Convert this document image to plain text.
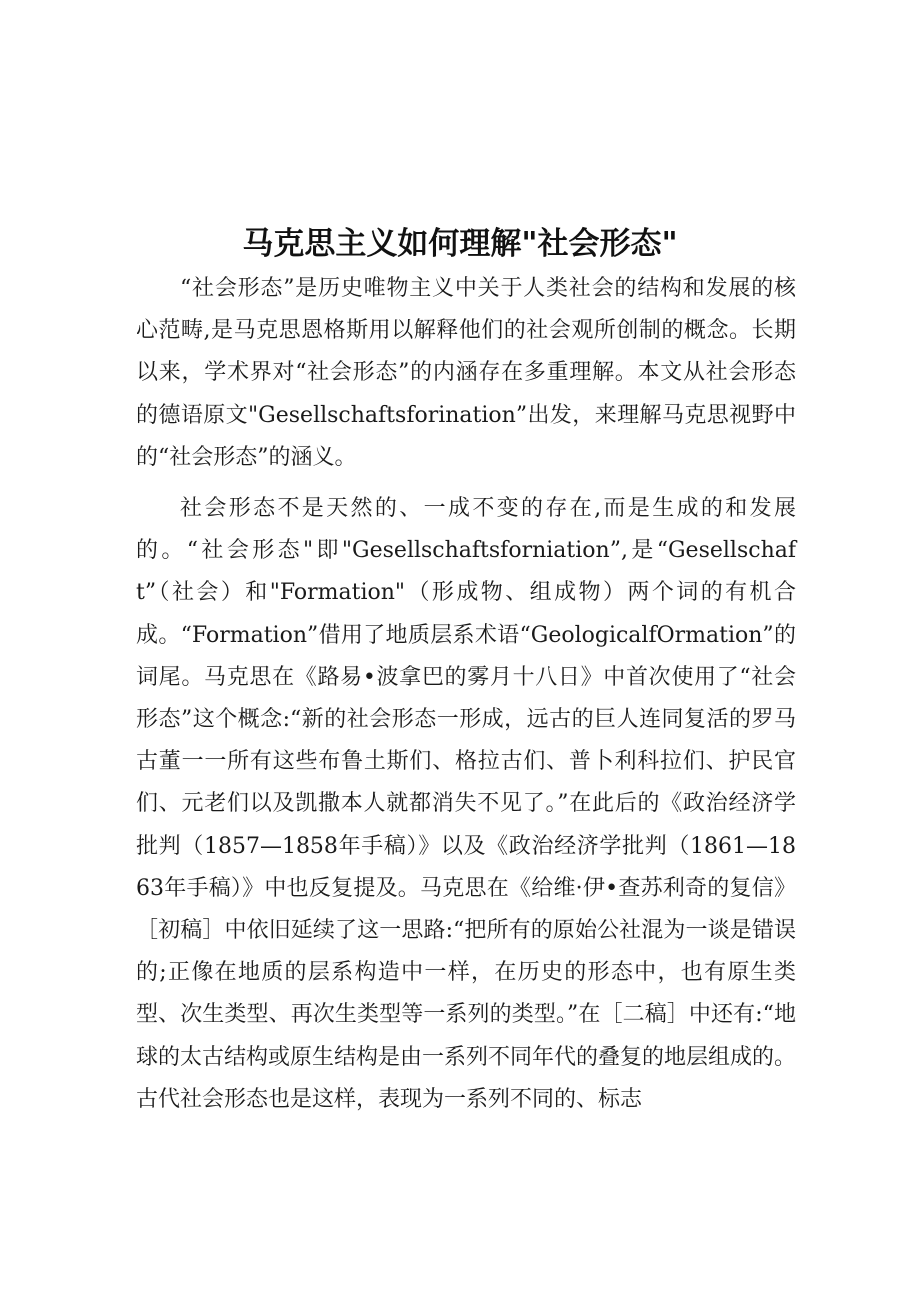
马克思主义如何理解"社会形态"

“社会形态”是历史唯物主义中关于人类社会的结构和发展的核心范畴,是马克思恩格斯用以解释他们的社会观所创制的概念。长期以来，学术界对“社会形态”的内涵存在多重理解。本文从社会形态的德语原文"Gesellschaftsforination”出发，来理解马克思视野中的“社会形态”的涵义。

社会形态不是天然的、一成不变的存在,而是生成的和发展的。“社会形态"即"Gesellschaftsforniation”,是“Gesellschaft”（社会）和"Formation"（形成物、组成物）两个词的有机合成。“Formation”借用了地质层系术语“GeologicalfOrmation”的词尾。马克思在《路易•波拿巴的雾月十八日》中首次使用了“社会形态”这个概念:“新的社会形态一形成，远古的巨人连同复活的罗马古董一一所有这些布鲁土斯们、格拉古们、普卜利科拉们、护民官们、元老们以及凯撒本人就都消失不见了。”在此后的《政治经济学批判（1857—1858年手稿）》以及《政治经济学批判（1861—1863年手稿）》中也反复提及。马克思在《给维·伊•查苏利奇的复信》［初稿］中依旧延续了这一思路:“把所有的原始公社混为一谈是错误的;正像在地质的层系构造中一样，在历史的形态中，也有原生类型、次生类型、再次生类型等一系列的类型。”在［二稿］中还有:“地球的太古结构或原生结构是由一系列不同年代的叠复的地层组成的。古代社会形态也是这样，表现为一系列不同的、标志
